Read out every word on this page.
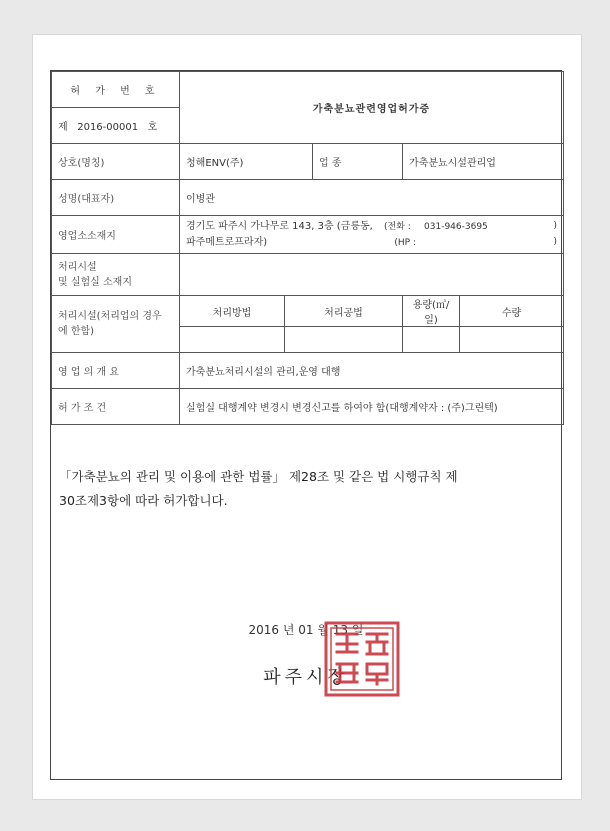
허 가 번 호	가축분뇨관련영업허가증				
제 2016-00001 호					
상호(명칭)	청해ENV(주)		업 종	가축분뇨시설관리업	
성명(대표자)	이병관				
영업소소재지	경기도 파주시 가나무로 143, 3층 (금릉동, (전화 : 031-946-3695 )
파주메트로프라자) (HP : )				

처리시설
및 실험실 소재지					

처리시설(처리업의 경우
에 한함)	처리방법	처리공법		용량(㎥/일)	수량

영 업 의 개 요	가축분뇨처리시설의 관리,운영 대행				
허 가 조 건	실험실 대행계약 변경시 변경신고를 하여야 함(대행계약자 : (주)그린텍)				
「가축분뇨의 관리 및 이용에 관한 법률」 제28조 및 같은 법 시행규칙 제
30조제3항에 따라 허가합니다.
2016 년 01 월 13 일
파주시장
